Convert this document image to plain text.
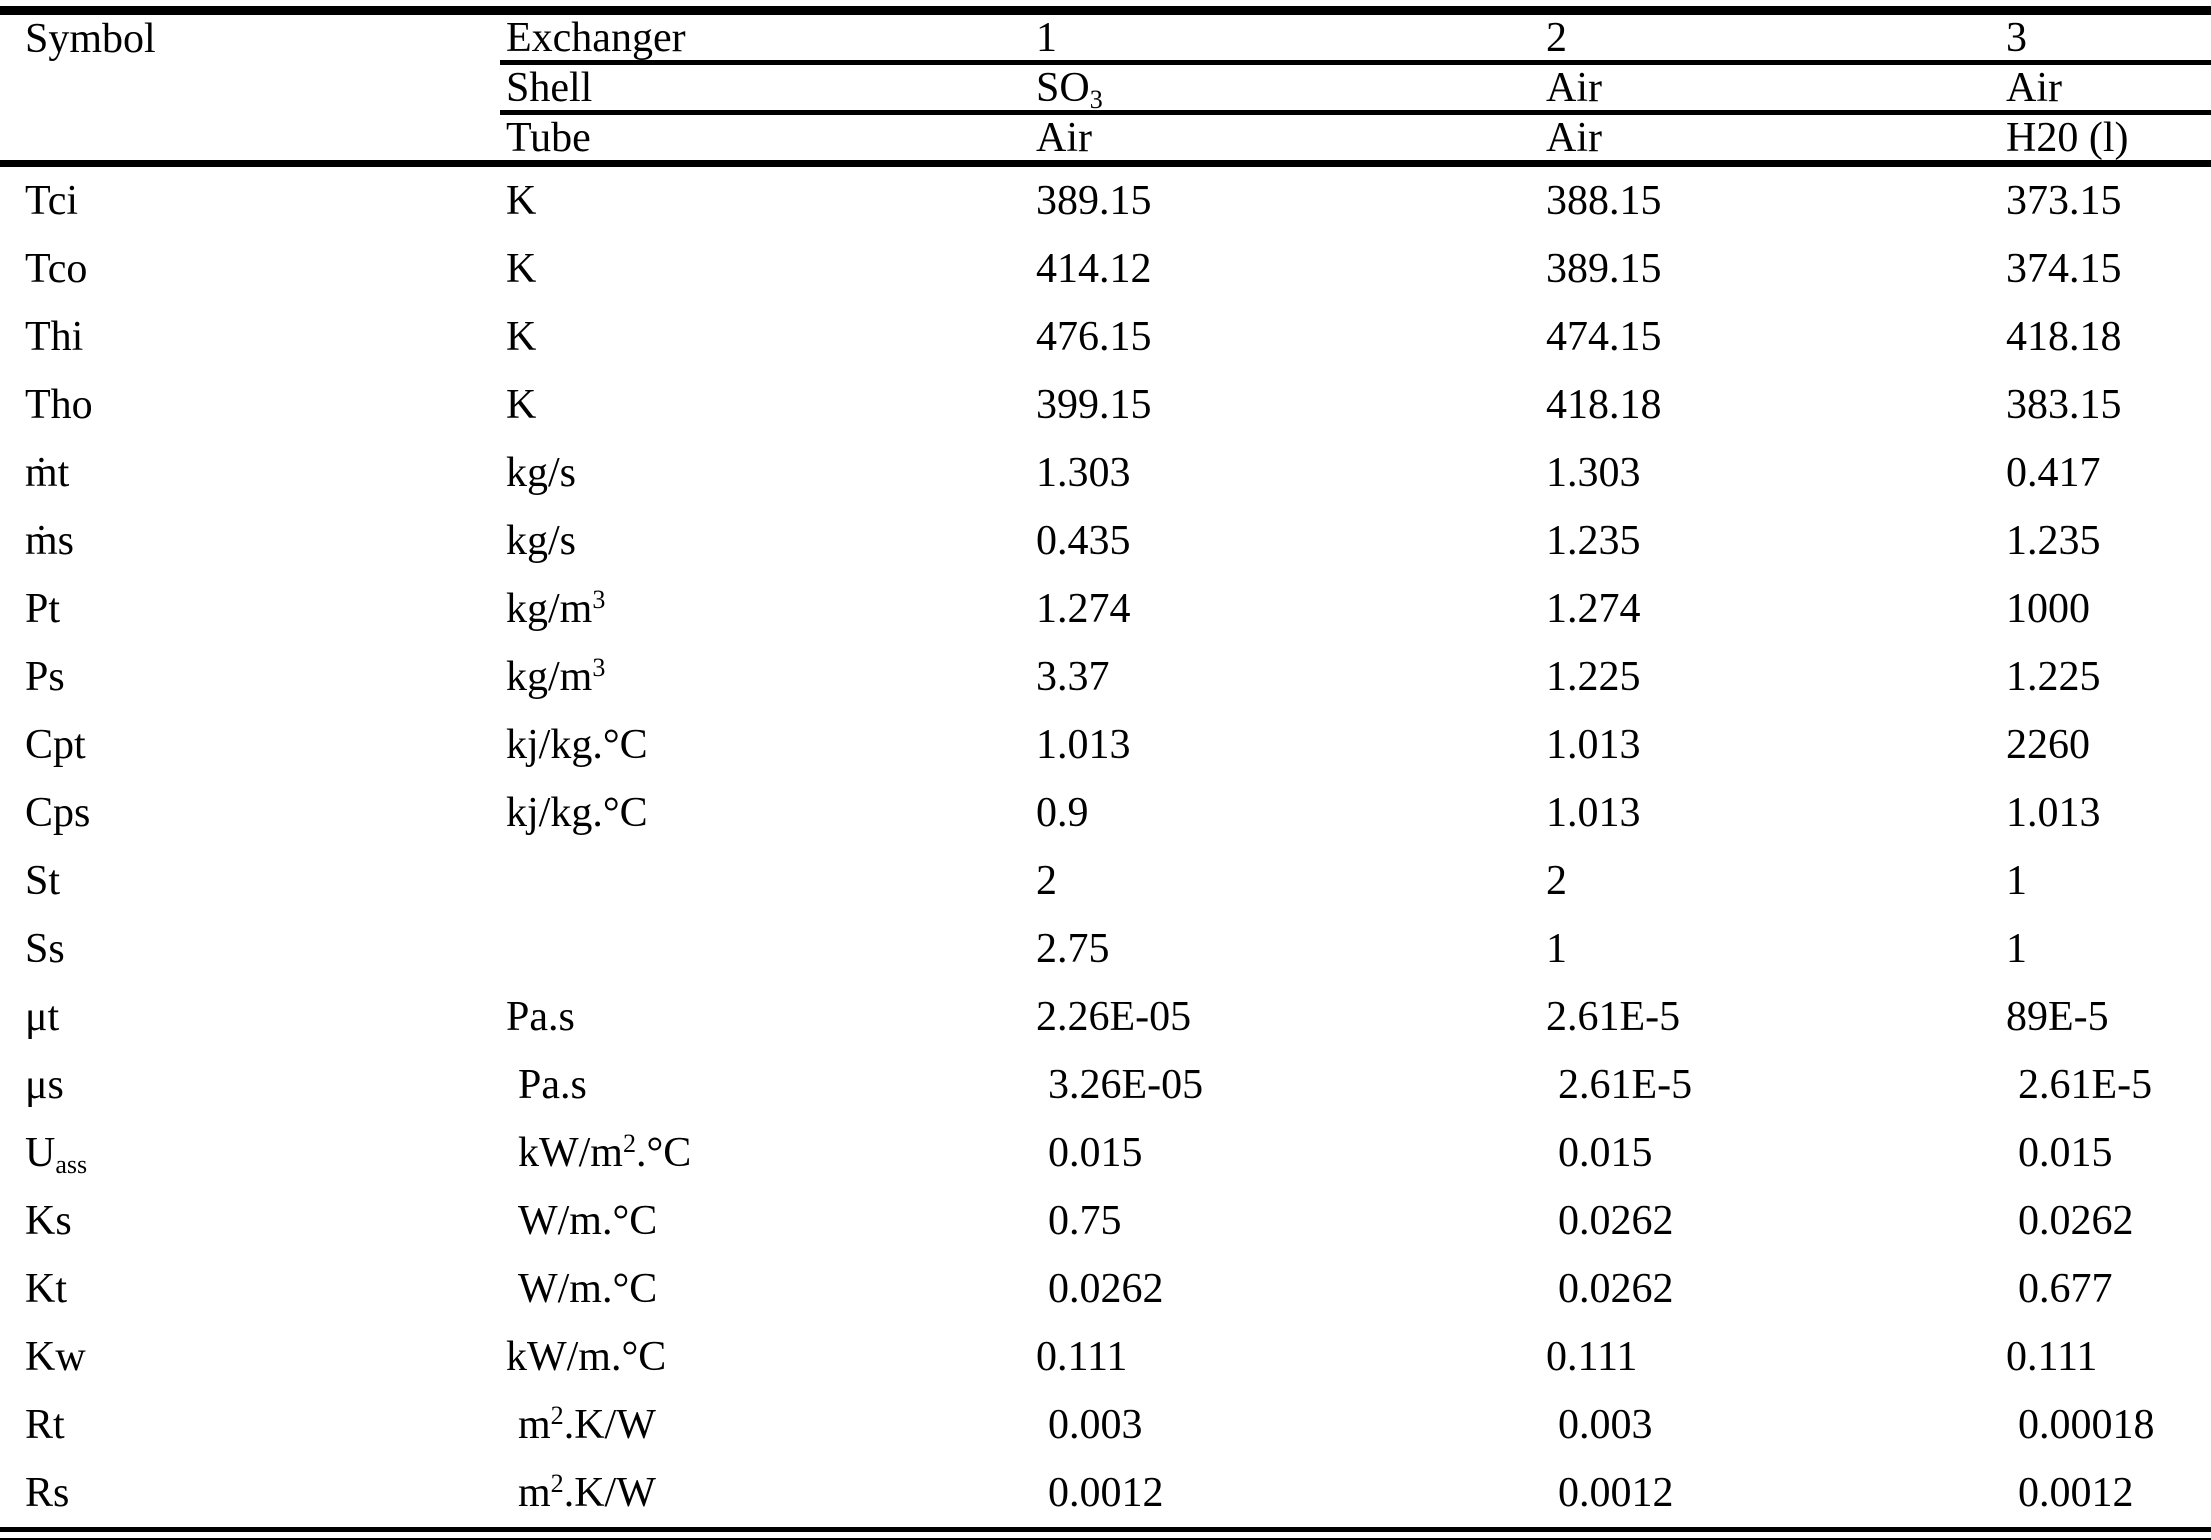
Symbol	Exchanger	1	2	3
	Shell	$SO_3$	Air	Air
	Tube	Air	Air	H20 (l)
Tci	K	389.15	388.15	373.15
Tco	K	414.12	389.15	374.15
Thi	K	476.15	474.15	418.18
Tho	K	399.15	418.18	383.15
ṁt	kg/s	1.303	1.303	0.417
ṁs	kg/s	0.435	1.235	1.235
Pt	$kg/m^3$	1.274	1.274	1000
Ps	$kg/m^3$	3.37	1.225	1.225
Cpt	kj/kg.°C	1.013	1.013	2260
Cps	kj/kg.°C	0.9	1.013	1.013
St		2	2	1
Ss		2.75	1	1
μt	Pa.s	2.26E-05	2.61E-5	89E-5
μs	Pa.s	3.26E-05	2.61E-5	2.61E-5
$U_{ass}$	$kW/m^2.^\circ C$	0.015	0.015	0.015
Ks	W/m.°C	0.75	0.0262	0.0262
Kt	W/m.°C	0.0262	0.0262	0.677
Kw	kW/m.°C	0.111	0.111	0.111
Rt	$m^2.K/W$	0.003	0.003	0.00018
Rs	$m^2.K/W$	0.0012	0.0012	0.0012
